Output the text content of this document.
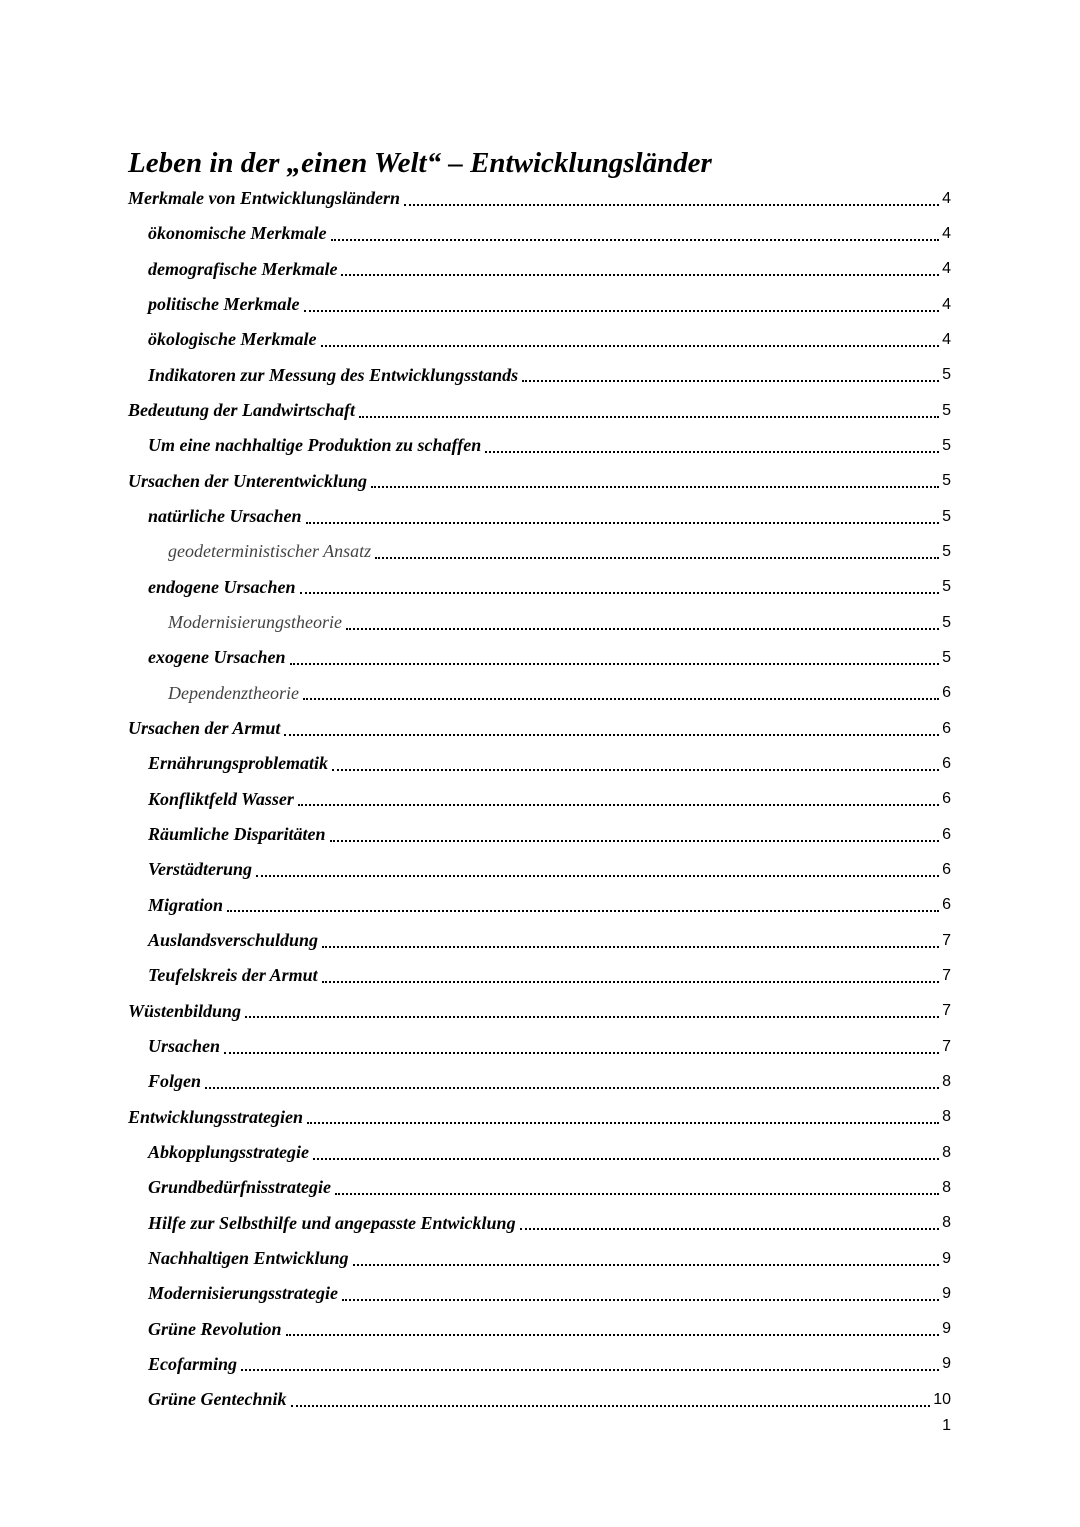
Leben in der „einen Welt“ – Entwicklungsländer
Merkmale von Entwicklungsländern	4
ökonomische Merkmale	4
demografische Merkmale	4
politische Merkmale	4
ökologische Merkmale	4
Indikatoren zur Messung des Entwicklungsstands	5
Bedeutung der Landwirtschaft	5
Um eine nachhaltige Produktion zu schaffen	5
Ursachen der Unterentwicklung	5
natürliche Ursachen	5
geodeterministischer Ansatz	5
endogene Ursachen	5
Modernisierungstheorie	5
exogene Ursachen	5
Dependenztheorie	6
Ursachen der Armut	6
Ernährungsproblematik	6
Konfliktfeld Wasser	6
Räumliche Disparitäten	6
Verstädterung	6
Migration	6
Auslandsverschuldung	7
Teufelskreis der Armut	7
Wüstenbildung	7
Ursachen	7
Folgen	8
Entwicklungsstrategien	8
Abkopplungsstrategie	8
Grundbedürfnisstrategie	8
Hilfe zur Selbsthilfe und angepasste Entwicklung	8
Nachhaltigen Entwicklung	9
Modernisierungsstrategie	9
Grüne Revolution	9
Ecofarming	9
Grüne Gentechnik	10
1
